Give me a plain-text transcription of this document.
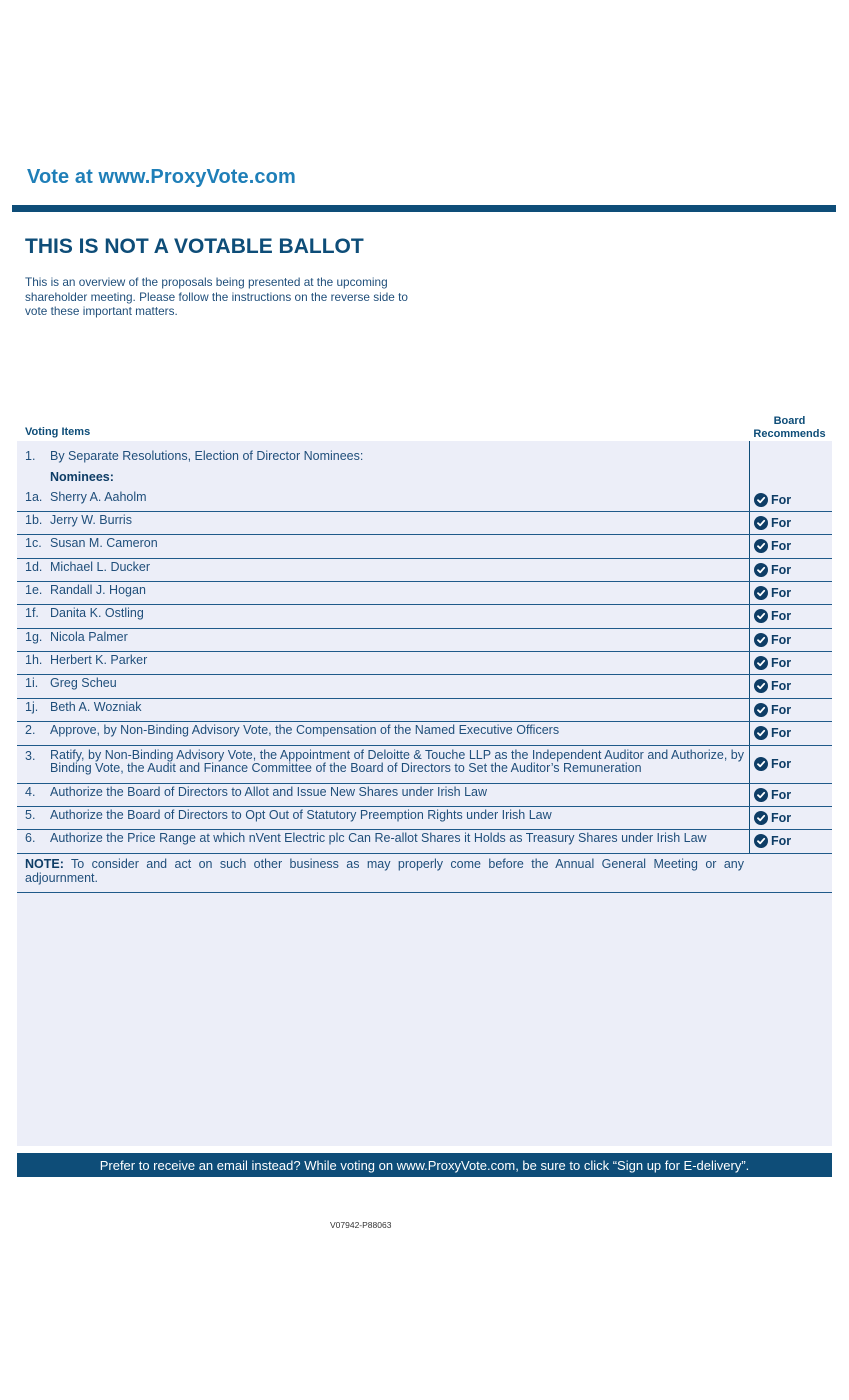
Vote at www.ProxyVote.com
THIS IS NOT A VOTABLE BALLOT
This is an overview of the proposals being presented at the upcoming shareholder meeting. Please follow the instructions on the reverse side to vote these important matters.
Voting Items
Board
Recommends
1. By Separate Resolutions, Election of Director Nominees:
Nominees:
1a. Sherry A. Aaholm	For
1b. Jerry W. Burris	For
1c. Susan M. Cameron	For
1d. Michael L. Ducker	For
1e. Randall J. Hogan	For
1f. Danita K. Ostling	For
1g. Nicola Palmer	For
1h. Herbert K. Parker	For
1i. Greg Scheu	For
1j. Beth A. Wozniak	For
2. Approve, by Non-Binding Advisory Vote, the Compensation of the Named Executive Officers	For
3. Ratify, by Non-Binding Advisory Vote, the Appointment of Deloitte & Touche LLP as the Independent Auditor and Authorize, by Binding Vote, the Audit and Finance Committee of the Board of Directors to Set the Auditor’s Remuneration	For
4. Authorize the Board of Directors to Allot and Issue New Shares under Irish Law	For
5. Authorize the Board of Directors to Opt Out of Statutory Preemption Rights under Irish Law	For
6. Authorize the Price Range at which nVent Electric plc Can Re-allot Shares it Holds as Treasury Shares under Irish Law	For
NOTE: To consider and act on such other business as may properly come before the Annual General Meeting or any adjournment.
Prefer to receive an email instead? While voting on www.ProxyVote.com, be sure to click “Sign up for E-delivery”.
V07942-P88063
